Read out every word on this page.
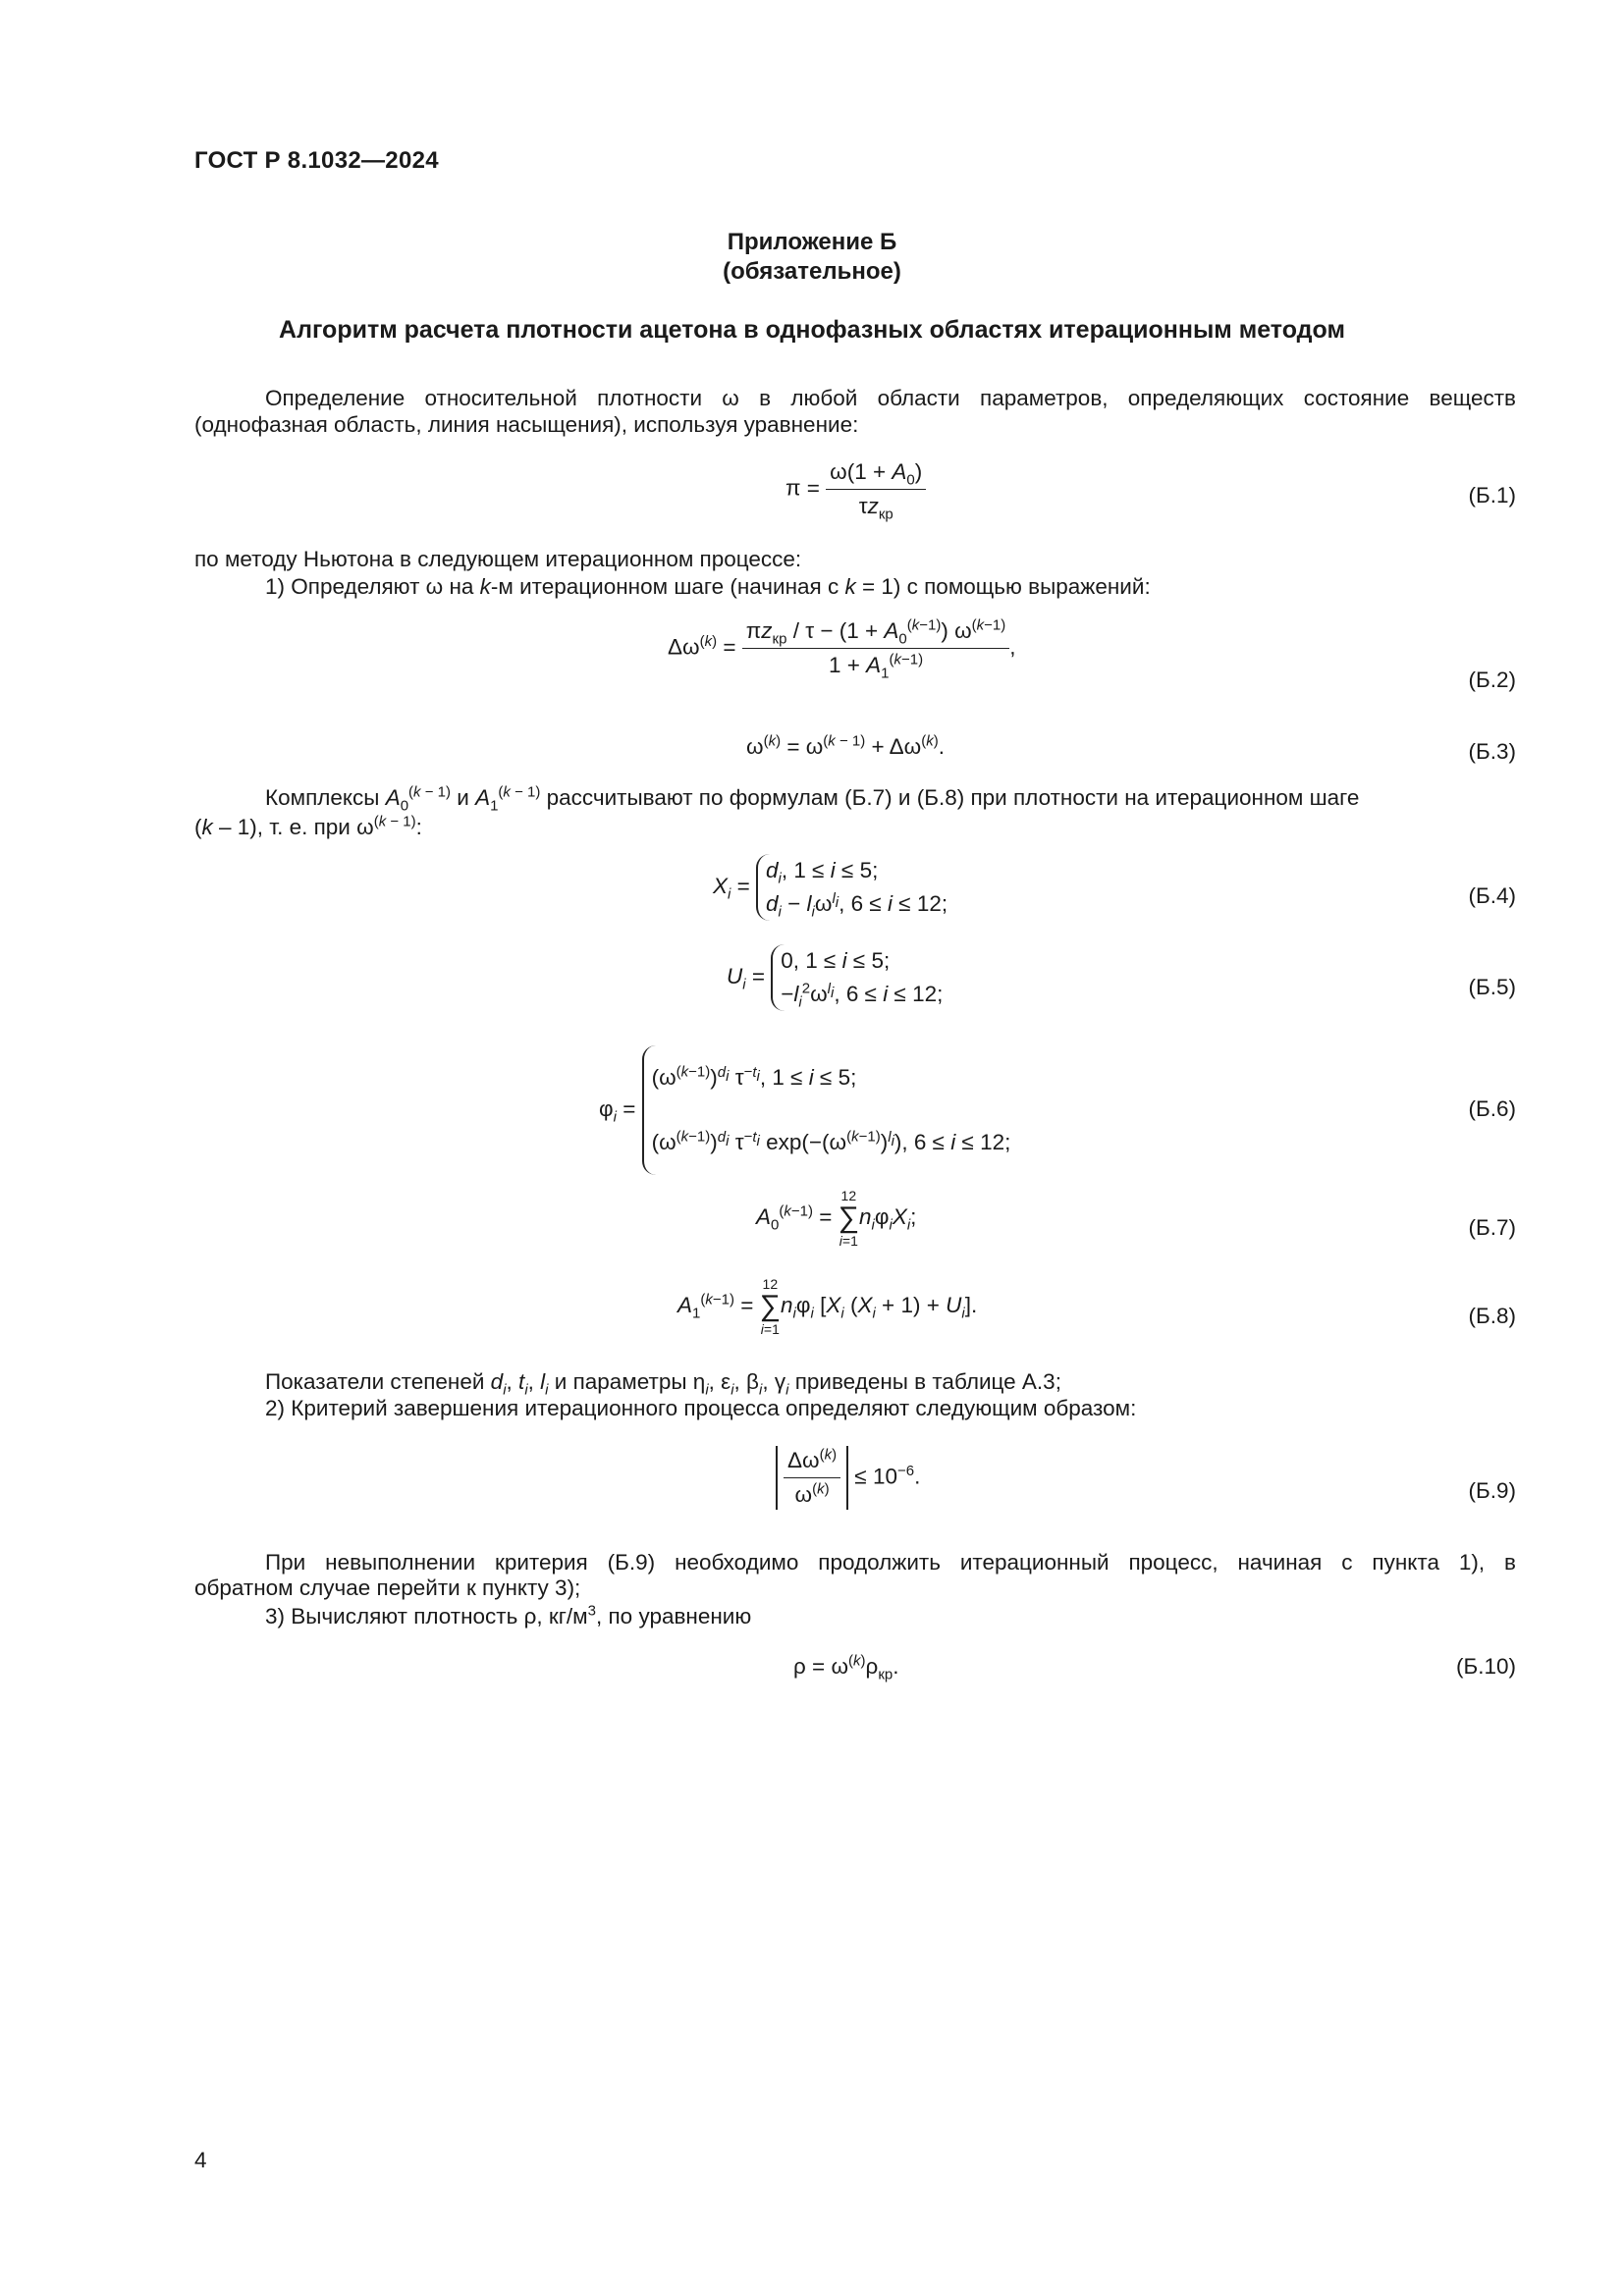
ГОСТ Р 8.1032—2024
Приложение Б
(обязательное)
Алгоритм расчета плотности ацетона в однофазных областях итерационным методом
Определение относительной плотности ω в любой области параметров, определяющих состояние веществ
(однофазная область, линия насыщения), используя уравнение:
$\pi = \frac{\omega(1 + A_0)}{\tau z_{кр}}$	(Б.1)
по методу Ньютона в следующем итерационном процессе:
1) Определяют ω на k-м итерационном шаге (начиная с k = 1) с помощью выражений:
$\Delta\omega^{(k)} = \frac{\pi z_{кр} / \tau - (1 + A_0^{(k-1)}) \omega^{(k-1)}}{1 + A_1^{(k-1)}}$ ,
(Б.2)
$\omega^{(k)} = \omega^{(k - 1)} + \Delta\omega^{(k)}$.	(Б.3)
Комплексы $A_0^{(k - 1)}$ и $A_1^{(k - 1)}$ рассчитывают по формулам (Б.7) и (Б.8) при плотности на итерационном шаге
(k – 1), т. е. при $\omega^{(k - 1)}$:
$X_i$ =
$d_i$, 1 ≤ i ≤ 5;
$d_i - l_i\omega^{l_i}$, 6 ≤ i ≤ 12;	(Б.4)
$U_i$ =
0, 1 ≤ i ≤ 5;
$-l_i^2\omega^{l_i}$, 6 ≤ i ≤ 12;	(Б.5)
$\varphi_i$ =
$(\omega^{(k-1)})^{d_i}$ $\tau^{-t_i}$, 1 ≤ i ≤ 5;
$(\omega^{(k-1)})^{d_i}$ $\tau^{-t_i}$ $\exp(-(\omega^{(k-1)})^{l_i})$, 6 ≤ i ≤ 12;
(Б.6)
$A_0^{(k-1)}$ =
12
∑
i=1
$n_i\varphi_iX_i$;	(Б.7)
$A_1^{(k-1)}$ =
12
∑
i=1
$n_i\varphi_i$ [$X_i$ $(X_i + 1) + U_i$].	(Б.8)
Показатели степеней $d_i$, $t_i$, $l_i$ и параметры $\eta_i$, $\varepsilon_i$, $\beta_i$, $\gamma_i$ приведены в таблице А.3;
2) Критерий завершения итерационного процесса определяют следующим образом:
$\frac{\Delta\omega^{(k)}}{\omega^{(k)}} \le 10^{-6}$.
(Б.9)
При невыполнении критерия (Б.9) необходимо продолжить итерационный процесс, начиная с пункта 1), в
обратном случае перейти к пункту 3);
3) Вычисляют плотность ρ, $кг/м^3$, по уравнению
$\rho = \omega^{(k)}\rho_{кр}$.	(Б.10)
4
